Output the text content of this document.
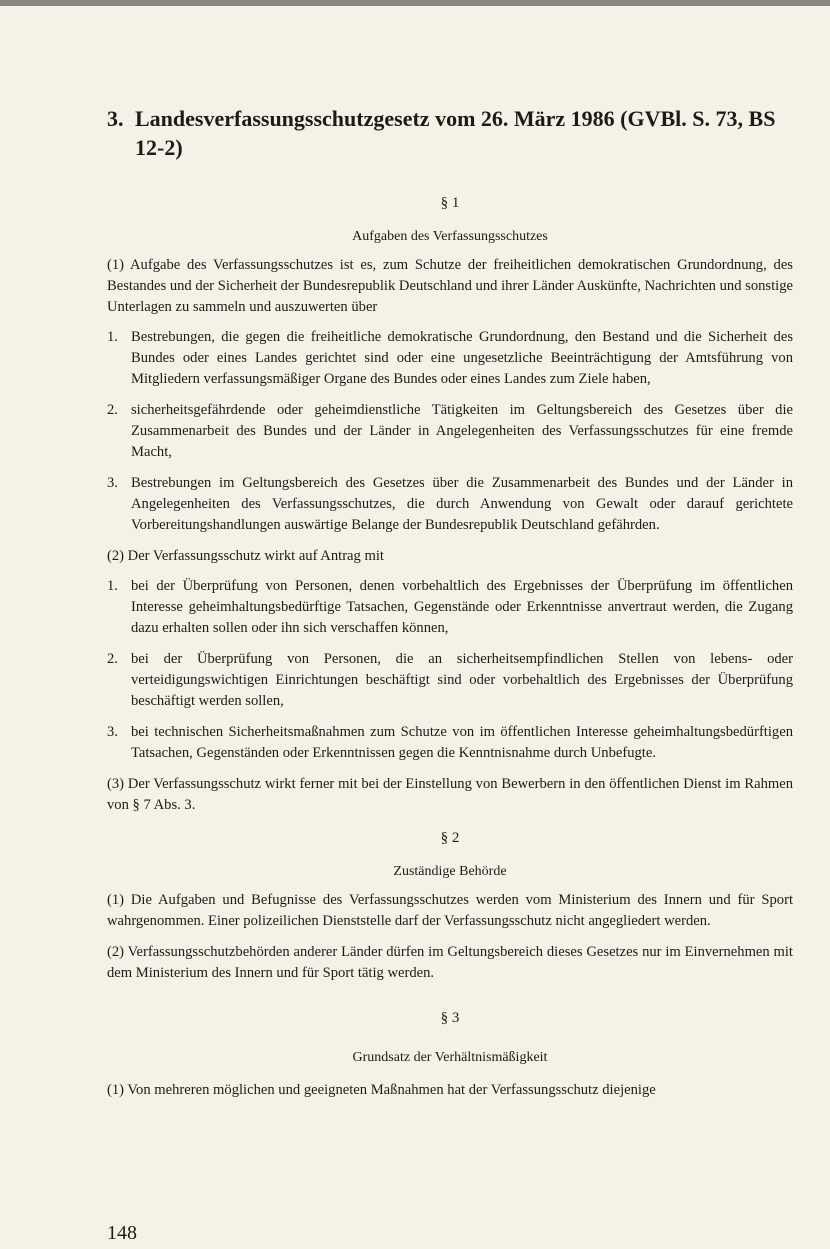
3. Landesverfassungsschutzgesetz vom 26. März 1986 (GVBl. S. 73, BS 12-2)
§ 1
Aufgaben des Verfassungsschutzes

(1) Aufgabe des Verfassungsschutzes ist es, zum Schutze der freiheitlichen demokratischen Grundordnung, des Bestandes und der Sicherheit der Bundesrepublik Deutschland und ihrer Länder Auskünfte, Nachrichten und sonstige Unterlagen zu sammeln und auszuwerten über

1. Bestrebungen, die gegen die freiheitliche demokratische Grundordnung, den Bestand und die Sicherheit des Bundes oder eines Landes gerichtet sind oder eine ungesetzliche Beeinträchtigung der Amtsführung von Mitgliedern verfassungsmäßiger Organe des Bundes oder eines Landes zum Ziele haben,
2. sicherheitsgefährdende oder geheimdienstliche Tätigkeiten im Geltungsbereich des Gesetzes über die Zusammenarbeit des Bundes und der Länder in Angelegenheiten des Verfassungsschutzes für eine fremde Macht,
3. Bestrebungen im Geltungsbereich des Gesetzes über die Zusammenarbeit des Bundes und der Länder in Angelegenheiten des Verfassungsschutzes, die durch Anwendung von Gewalt oder darauf gerichtete Vorbereitungshandlungen auswärtige Belange der Bundesrepublik Deutschland gefährden.

(2) Der Verfassungsschutz wirkt auf Antrag mit

1. bei der Überprüfung von Personen, denen vorbehaltlich des Ergebnisses der Überprüfung im öffentlichen Interesse geheimhaltungsbedürftige Tatsachen, Gegenstände oder Erkenntnisse anvertraut werden, die Zugang dazu erhalten sollen oder ihn sich verschaffen können,
2. bei der Überprüfung von Personen, die an sicherheitsempfindlichen Stellen von lebens- oder verteidigungswichtigen Einrichtungen beschäftigt sind oder vorbehaltlich des Ergebnisses der Überprüfung beschäftigt werden sollen,
3. bei technischen Sicherheitsmaßnahmen zum Schutze von im öffentlichen Interesse geheimhaltungsbedürftigen Tatsachen, Gegenständen oder Erkenntnissen gegen die Kenntnisnahme durch Unbefugte.

(3) Der Verfassungsschutz wirkt ferner mit bei der Einstellung von Bewerbern in den öffentlichen Dienst im Rahmen von § 7 Abs. 3.

§ 2
Zuständige Behörde

(1) Die Aufgaben und Befugnisse des Verfassungsschutzes werden vom Ministerium des Innern und für Sport wahrgenommen. Einer polizeilichen Dienststelle darf der Verfassungsschutz nicht angegliedert werden.

(2) Verfassungsschutzbehörden anderer Länder dürfen im Geltungsbereich dieses Gesetzes nur im Einvernehmen mit dem Ministerium des Innern und für Sport tätig werden.

§ 3
Grundsatz der Verhältnismäßigkeit

(1) Von mehreren möglichen und geeigneten Maßnahmen hat der Verfassungsschutz diejenige

148
